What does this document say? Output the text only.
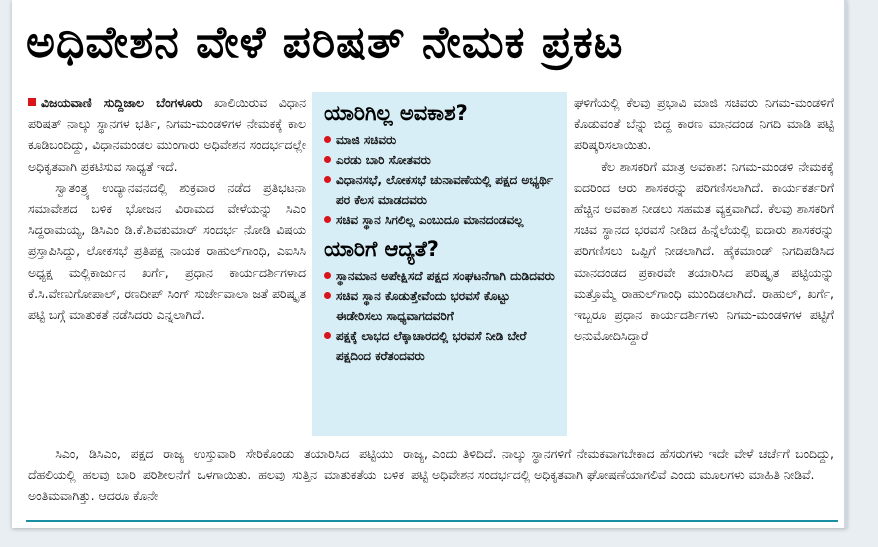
ಅಧಿವೇಶನ ವೇಳೆ ಪರಿಷತ್ ನೇಮಕ ಪ್ರಕಟ

ವಿಜಯವಾಣಿ ಸುದ್ದಿಜಾಲ ಬೆಂಗಳೂರು ಖಾಲಿಯಿರುವ ವಿಧಾನ ಪರಿಷತ್ ನಾಲ್ಕು ಸ್ಥಾನಗಳ ಭರ್ತಿ, ನಿಗಮ-ಮಂಡಳಿಗಳ ನೇಮಕಕ್ಕೆ ಕಾಲ ಕೂಡಿಬಂದಿದ್ದು, ವಿಧಾನಮಂಡಲ ಮುಂಗಾರು ಅಧಿವೇಶನ ಸಂದರ್ಭದಲ್ಲೇ ಅಧಿಕೃತವಾಗಿ ಪ್ರಕಟಿಸುವ ಸಾಧ್ಯತೆ ಇದೆ.

ಸ್ವಾತಂತ್ರ್ಯ ಉದ್ಯಾನವನದಲ್ಲಿ ಶುಕ್ರವಾರ ನಡೆದ ಪ್ರತಿಭಟನಾ ಸಮಾವೇಶದ ಬಳಿಕ ಭೋಜನ ವಿರಾಮದ ವೇಳೆಯನ್ನು ಸಿಎಂ ಸಿದ್ದರಾಮಯ್ಯ, ಡಿಸಿಎಂ ಡಿ.ಕೆ.ಶಿವಕುಮಾರ್ ಸಂದರ್ಭ ನೋಡಿ ವಿಷಯ ಪ್ರಸ್ತಾಪಿಸಿದ್ದು, ಲೋಕಸಭೆ ಪ್ರತಿಪಕ್ಷ ನಾಯಕ ರಾಹುಲ್‌ಗಾಂಧಿ, ಎಐಸಿಸಿ ಅಧ್ಯಕ್ಷ ಮಲ್ಲಿಕಾರ್ಜುನ ಖರ್ಗೆ, ಪ್ರಧಾನ ಕಾರ್ಯದರ್ಶಿಗಳಾದ ಕೆ.ಸಿ.ವೇಣುಗೋಪಾಲ್, ರಣದೀಪ್ ಸಿಂಗ್ ಸುರ್ಜೇವಾಲಾ ಜತೆ ಪರಿಷ್ಕೃತ ಪಟ್ಟಿ ಬಗ್ಗೆ ಮಾತುಕತೆ ನಡೆಸಿದರು ಎನ್ನಲಾಗಿದೆ.

ಯಾರಿಗಿಲ್ಲ ಅವಕಾಶ?
ಮಾಜಿ ಸಚಿವರು
ಎರಡು ಬಾರಿ ಸೋತವರು
ವಿಧಾನಸಭೆ, ಲೋಕಸಭೆ ಚುನಾವಣೆಯಲ್ಲಿ ಪಕ್ಷದ ಅಭ್ಯರ್ಥಿ ಪರ ಕೆಲಸ ಮಾಡದವರು
ಸಚಿವ ಸ್ಥಾನ ಸಿಗಲಿಲ್ಲ ಎಂಬುದೂ ಮಾನದಂಡವಲ್ಲ
ಯಾರಿಗೆ ಆದ್ಯತೆ?
ಸ್ಥಾನಮಾನ ಅಪೇಕ್ಷಿಸದೆ ಪಕ್ಷದ ಸಂಘಟನೆಗಾಗಿ ದುಡಿದವರು
ಸಚಿವ ಸ್ಥಾನ ಕೊಡುತ್ತೇವೆಂದು ಭರವಸೆ ಕೊಟ್ಟು ಈಡೇರಿಸಲು ಸಾಧ್ಯವಾಗದವರಿಗೆ
ಪಕ್ಷಕ್ಕೆ ಲಾಭದ ಲೆಕ್ಕಾಚಾರದಲ್ಲಿ ಭರವಸೆ ನೀಡಿ ಬೇರೆ ಪಕ್ಷದಿಂದ ಕರೆತಂದವರು

ಘಳಿಗೆಯಲ್ಲಿ ಕೆಲವು ಪ್ರಭಾವಿ ಮಾಜಿ ಸಚಿವರು ನಿಗಮ-ಮಂಡಳಿಗೆ ಕೊಡುವಂತೆ ಬೆನ್ನು ಬಿದ್ದ ಕಾರಣ ಮಾನದಂಡ ನಿಗದಿ ಮಾಡಿ ಪಟ್ಟಿ ಪರಿಷ್ಕರಿಸಲಾಯಿತು.

ಕೆಲ ಶಾಸಕರಿಗೆ ಮಾತ್ರ ಅವಕಾಶ: ನಿಗಮ-ಮಂಡಳಿ ನೇಮಕಕ್ಕೆ ಐದರಿಂದ ಆರು ಶಾಸಕರನ್ನು ಪರಿಗಣಿಸಲಾಗಿದೆ. ಕಾರ್ಯಕರ್ತರಿಗೆ ಹೆಚ್ಚಿನ ಅವಕಾಶ ನೀಡಲು ಸಹಮತ ವ್ಯಕ್ತವಾಗಿದೆ. ಕೆಲವು ಶಾಸಕರಿಗೆ ಸಚಿವ ಸ್ಥಾನದ ಭರವಸೆ ನೀಡಿದ ಹಿನ್ನೆಲೆಯಲ್ಲಿ ಐದಾರು ಶಾಸಕರನ್ನು ಪರಿಗಣಿಸಲು ಒಪ್ಪಿಗೆ ನೀಡಲಾಗಿದೆ. ಹೈಕಮಾಂಡ್ ನಿಗದಿಪಡಿಸಿದ ಮಾನದಂಡದ ಪ್ರಕಾರವೇ ತಯಾರಿಸಿದ ಪರಿಷ್ಕೃತ ಪಟ್ಟಿಯನ್ನು ಮತ್ತೊಮ್ಮೆ ರಾಹುಲ್‌ಗಾಂಧಿ ಮುಂದಿಡಲಾಗಿದೆ. ರಾಹುಲ್, ಖರ್ಗೆ, ಇಬ್ಬರೂ ಪ್ರಧಾನ ಕಾರ್ಯದರ್ಶಿಗಳು ನಿಗಮ-ಮಂಡಳಿಗಳ ಪಟ್ಟಿಗೆ ಅನುಮೋದಿಸಿದ್ದಾರೆ

ಸಿಎಂ, ಡಿಸಿಎಂ, ಪಕ್ಷದ ರಾಜ್ಯ ಉಸ್ತುವಾರಿ ಸೇರಿಕೊಂಡು ತಯಾರಿಸಿದ ಪಟ್ಟಿಯು ರಾಜ್ಯ, ದೆಹಲಿಯಲ್ಲಿ ಹಲವು ಬಾರಿ ಪರಿಶೀಲನೆಗೆ ಒಳಗಾಯಿತು. ಹಲವು ಸುತ್ತಿನ ಮಾತುಕತೆಯ ಬಳಿಕ ಪಟ್ಟಿ ಅಂತಿಮವಾಗಿತ್ತು. ಆದರೂ ಕೊನೇ

ಎಂದು ತಿಳಿದಿದೆ. ನಾಲ್ಕು ಸ್ಥಾನಗಳಿಗೆ ನೇಮಕವಾಗಬೇಕಾದ ಹೆಸರುಗಳು ಇದೇ ವೇಳೆ ಚರ್ಚೆಗೆ ಬಂದಿದ್ದು, ಅಧಿವೇಶನ ಸಂದರ್ಭದಲ್ಲಿ ಅಧಿಕೃತವಾಗಿ ಘೋಷಣೆಯಾಗಲಿವೆ ಎಂದು ಮೂಲಗಳು ಮಾಹಿತಿ ನೀಡಿವೆ.
